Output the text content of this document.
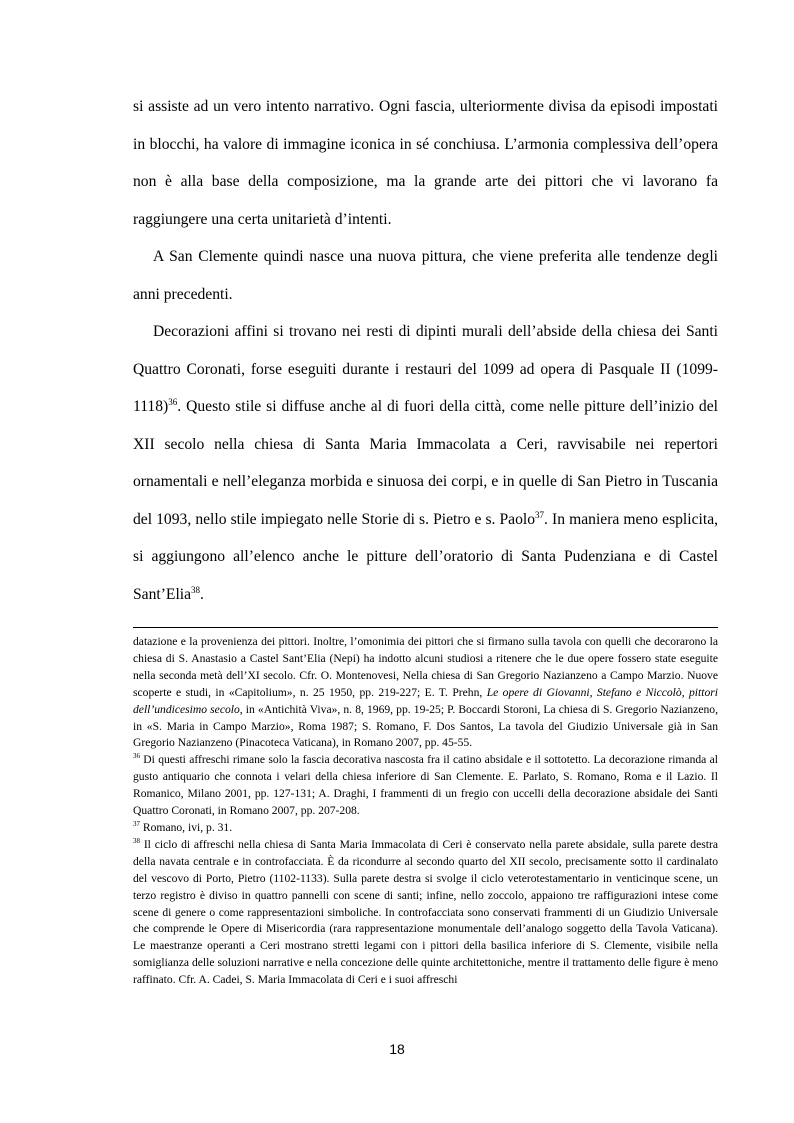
si assiste ad un vero intento narrativo. Ogni fascia, ulteriormente divisa da episodi impostati in blocchi, ha valore di immagine iconica in sé conchiusa. L’armonia complessiva dell’opera non è alla base della composizione, ma la grande arte dei pittori che vi lavorano fa raggiungere una certa unitarietà d’intenti.

A San Clemente quindi nasce una nuova pittura, che viene preferita alle tendenze degli anni precedenti.

Decorazioni affini si trovano nei resti di dipinti murali dell’abside della chiesa dei Santi Quattro Coronati, forse eseguiti durante i restauri del 1099 ad opera di Pasquale II (1099-1118)$^{36}$. Questo stile si diffuse anche al di fuori della città, come nelle pitture dell’inizio del XII secolo nella chiesa di Santa Maria Immacolata a Ceri, ravvisabile nei repertori ornamentali e nell’eleganza morbida e sinuosa dei corpi, e in quelle di San Pietro in Tuscania del 1093, nello stile impiegato nelle Storie di s. Pietro e s. Paolo$^{37}$. In maniera meno esplicita, si aggiungono all’elenco anche le pitture dell’oratorio di Santa Pudenziana e di Castel Sant’Elia$^{38}$.

datazione e la provenienza dei pittori. Inoltre, l’omonimia dei pittori che si firmano sulla tavola con quelli che decorarono la chiesa di S. Anastasio a Castel Sant’Elia (Nepi) ha indotto alcuni studiosi a ritenere che le due opere fossero state eseguite nella seconda metà dell’XI secolo. Cfr. O. Montenovesi, Nella chiesa di San Gregorio Nazianzeno a Campo Marzio. Nuove scoperte e studi, in «Capitolium», n. 25 1950, pp. 219-227; E. T. Prehn, Le opere di Giovanni, Stefano e Niccolò, pittori dell’undicesimo secolo, in «Antichità Viva», n. 8, 1969, pp. 19-25; P. Boccardi Storoni, La chiesa di S. Gregorio Nazianzeno, in «S. Maria in Campo Marzio», Roma 1987; S. Romano, F. Dos Santos, La tavola del Giudizio Universale già in San Gregorio Nazianzeno (Pinacoteca Vaticana), in Romano 2007, pp. 45-55.

$^{36}$ Di questi affreschi rimane solo la fascia decorativa nascosta fra il catino absidale e il sottotetto. La decorazione rimanda al gusto antiquario che connota i velari della chiesa inferiore di San Clemente. E. Parlato, S. Romano, Roma e il Lazio. Il Romanico, Milano 2001, pp. 127-131; A. Draghi, I frammenti di un fregio con uccelli della decorazione absidale dei Santi Quattro Coronati, in Romano 2007, pp. 207-208.

$^{37}$ Romano, ivi, p. 31.

$^{38}$ Il ciclo di affreschi nella chiesa di Santa Maria Immacolata di Ceri è conservato nella parete absidale, sulla parete destra della navata centrale e in controfacciata. È da ricondurre al secondo quarto del XII secolo, precisamente sotto il cardinalato del vescovo di Porto, Pietro (1102-1133). Sulla parete destra si svolge il ciclo veterotestamentario in venticinque scene, un terzo registro è diviso in quattro pannelli con scene di santi; infine, nello zoccolo, appaiono tre raffigurazioni intese come scene di genere o come rappresentazioni simboliche. In controfacciata sono conservati frammenti di un Giudizio Universale che comprende le Opere di Misericordia (rara rappresentazione monumentale dell’analogo soggetto della Tavola Vaticana). Le maestranze operanti a Ceri mostrano stretti legami con i pittori della basilica inferiore di S. Clemente, visibile nella somiglianza delle soluzioni narrative e nella concezione delle quinte architettoniche, mentre il trattamento delle figure è meno raffinato. Cfr. A. Cadei, S. Maria Immacolata di Ceri e i suoi affreschi

18
